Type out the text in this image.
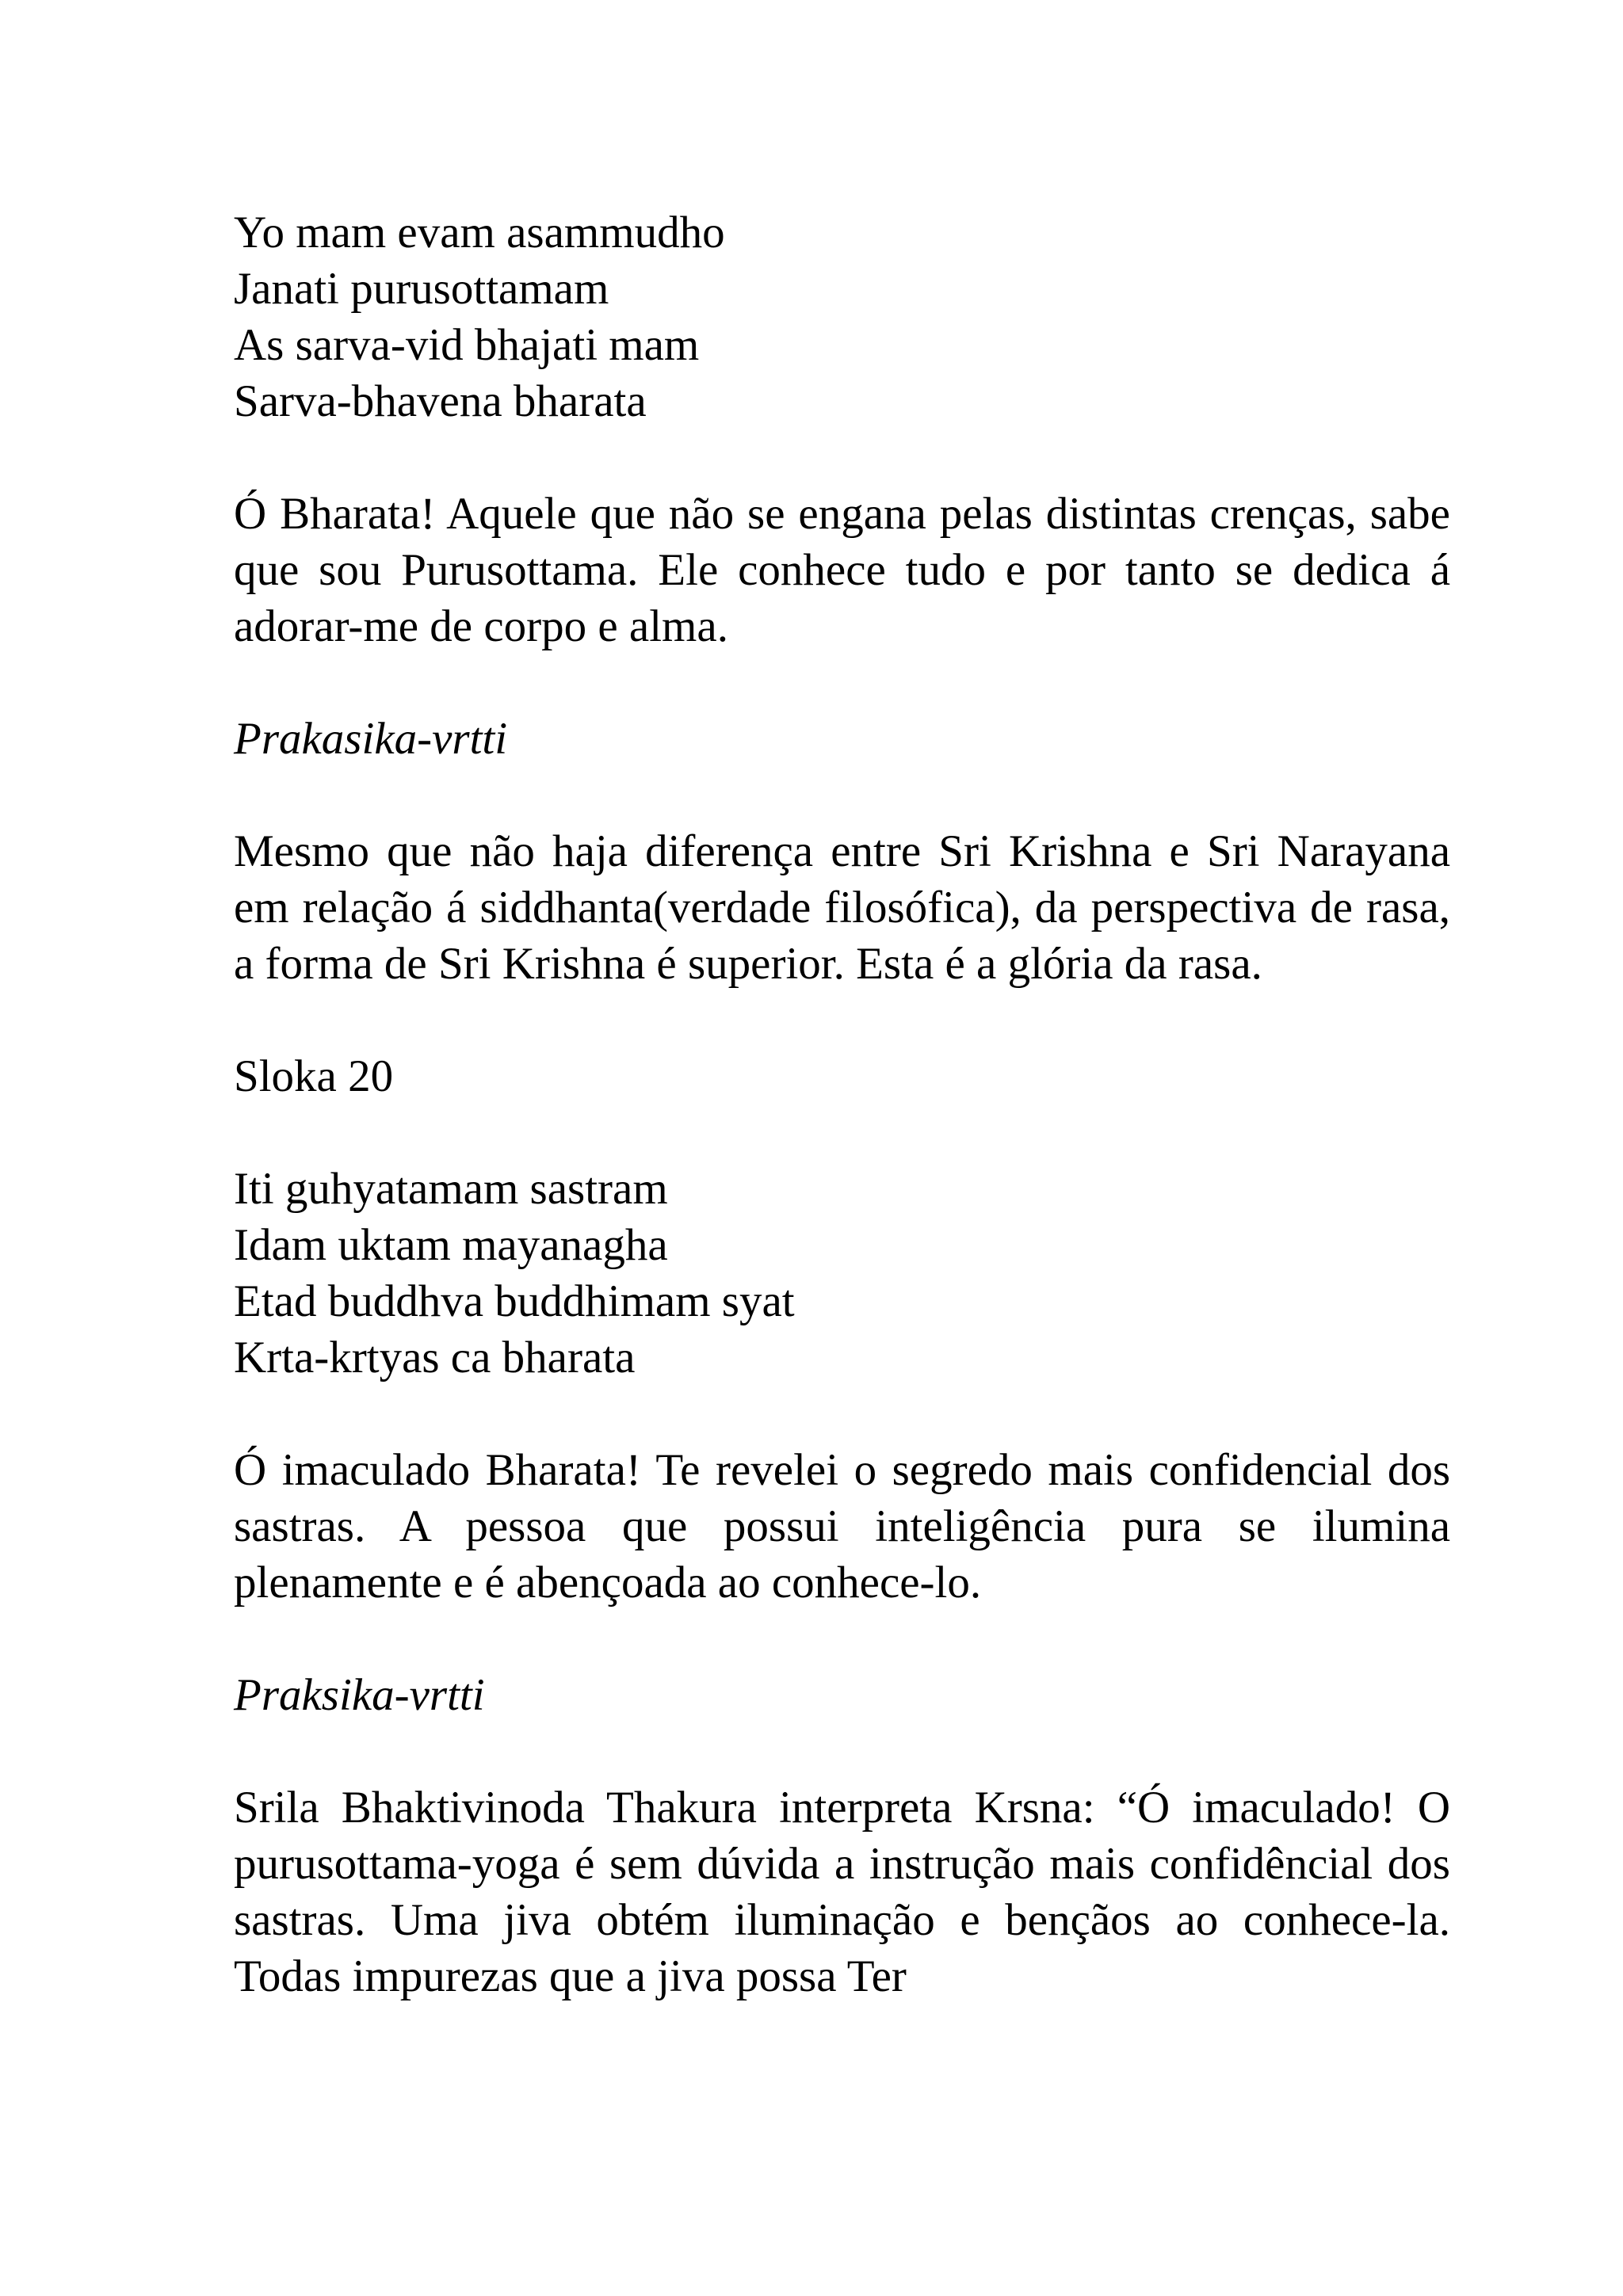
Yo mam evam asammudho
Janati purusottamam
As sarva-vid bhajati mam
Sarva-bhavena bharata

Ó Bharata! Aquele que não se engana pelas distintas crenças, sabe que sou Purusottama. Ele conhece tudo e por tanto se dedica á adorar-me de corpo e alma.

Prakasika-vrtti

Mesmo que não haja diferença entre Sri Krishna e Sri Narayana em relação á siddhanta(verdade filosófica), da perspectiva de rasa, a forma de Sri Krishna é superior. Esta é a glória da rasa.

Sloka 20

Iti guhyatamam sastram
Idam uktam mayanagha
Etad buddhva buddhimam syat
Krta-krtyas ca bharata

Ó imaculado Bharata! Te revelei o segredo mais confidencial dos sastras. A pessoa que possui inteligência pura se ilumina plenamente e é abençoada ao conhece-lo.

Praksika-vrtti

Srila Bhaktivinoda Thakura interpreta Krsna: “Ó imaculado! O purusottama-yoga é sem dúvida a instrução mais confidêncial dos sastras. Uma jiva obtém iluminação e bençãos ao conhece-la. Todas impurezas que a jiva possa Ter
